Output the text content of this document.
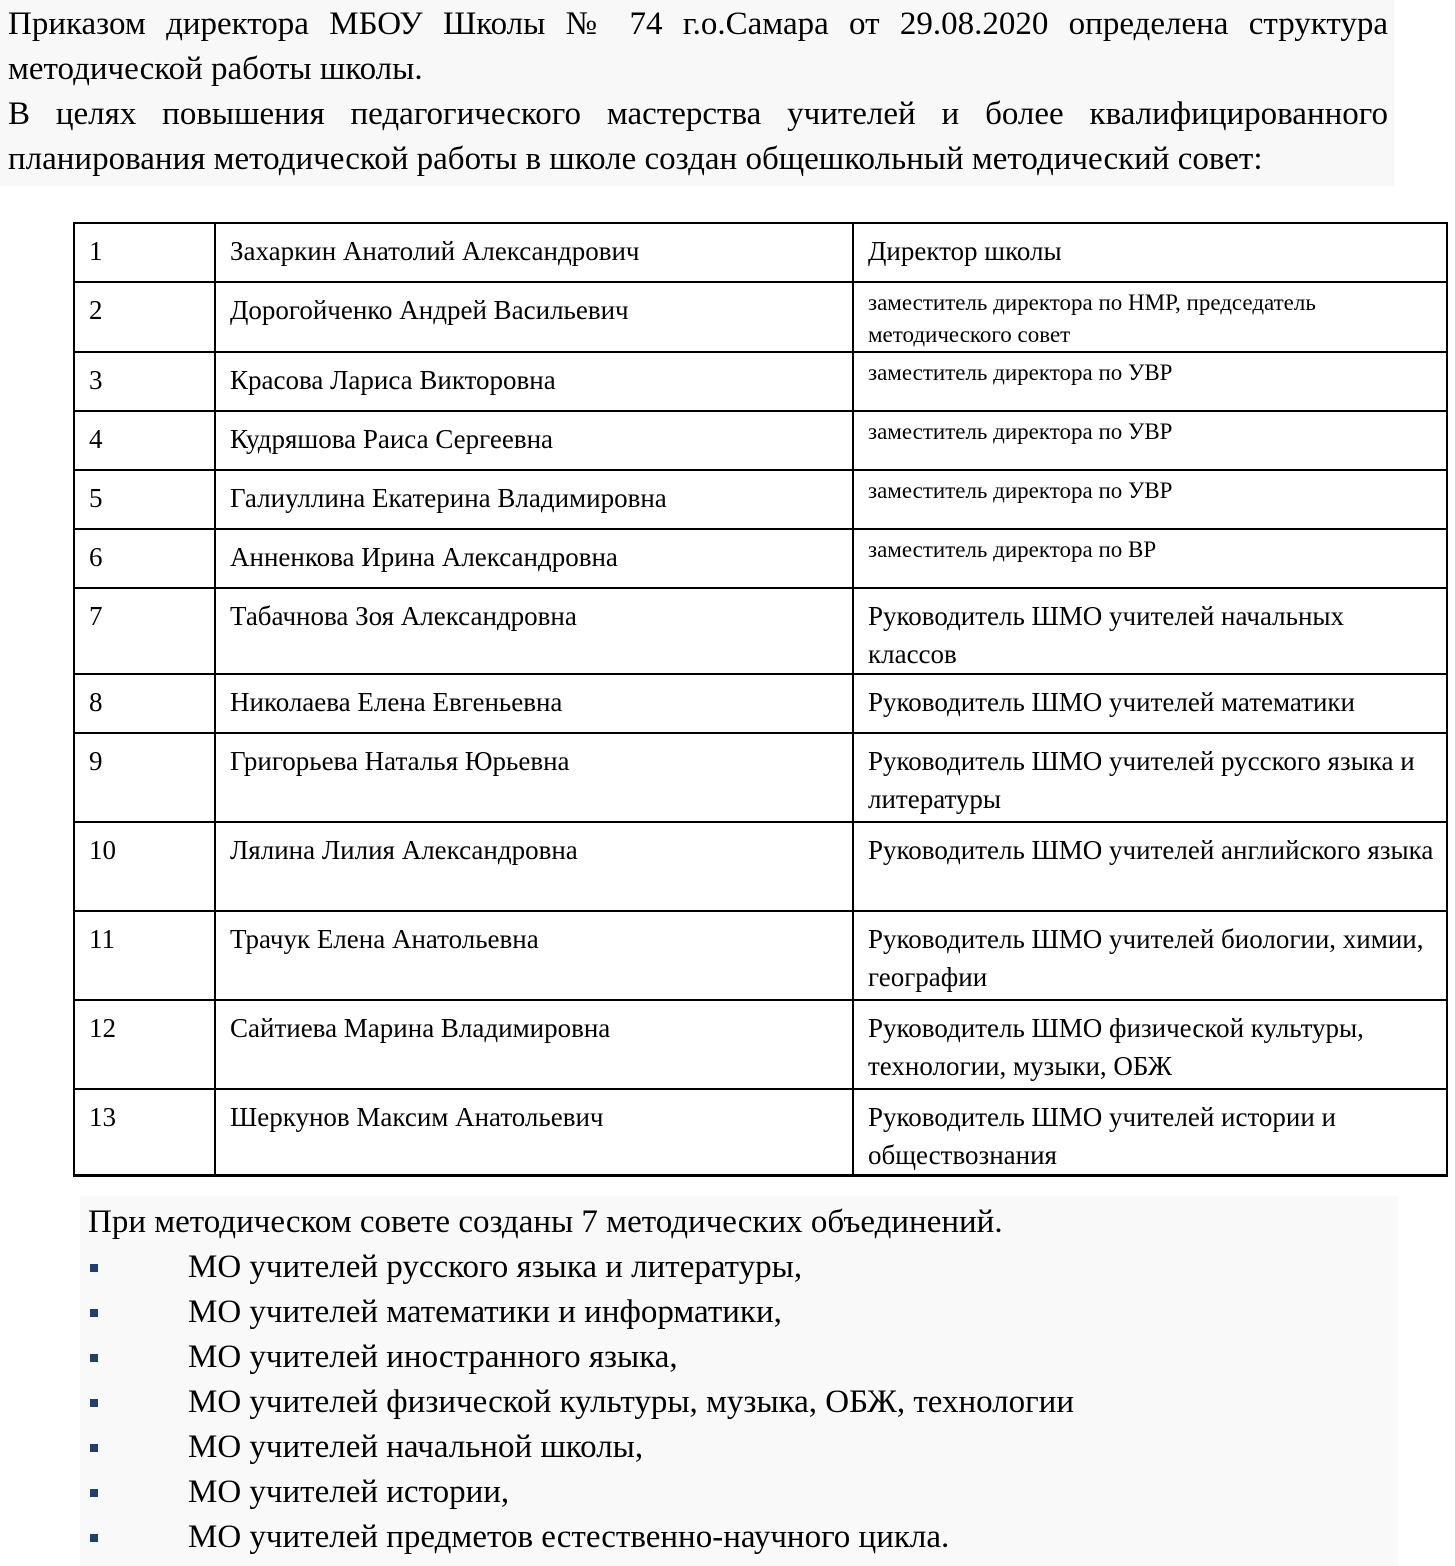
Приказом директора МБОУ Школы № 74 г.о.Самара от 29.08.2020 определена структура методической работы школы.

В целях повышения педагогического мастерства учителей и более квалифицированного планирования методической работы в школе создан общешкольный методический совет:

1	Захаркин Анатолий Александрович	Директор школы
2	Дорогойченко Андрей Васильевич	заместитель директора по НМР, председатель методического совет
3	Красова Лариса Викторовна	заместитель директора по УВР
4	Кудряшова Раиса Сергеевна	заместитель директора по УВР
5	Галиуллина Екатерина Владимировна	заместитель директора по УВР
6	Анненкова Ирина Александровна	заместитель директора по ВР
7	Табачнова Зоя Александровна	Руководитель ШМО учителей начальных классов
8	Николаева Елена Евгеньевна	Руководитель ШМО учителей математики
9	Григорьева Наталья Юрьевна	Руководитель ШМО учителей русского языка и литературы
10	Лялина Лилия Александровна	Руководитель ШМО учителей английского языка
11	Трачук Елена Анатольевна	Руководитель ШМО учителей биологии, химии, географии
12	Сайтиева Марина Владимировна	Руководитель ШМО физической культуры, технологии, музыки, ОБЖ
13	Шеркунов Максим Анатольевич	Руководитель ШМО учителей истории и обществознания

При методическом совете созданы 7 методических объединений.

МО учителей русского языка и литературы,
МО учителей математики и информатики,
МО учителей иностранного языка,
МО учителей физической культуры, музыка, ОБЖ, технологии
МО учителей начальной школы,
МО учителей истории,
МО учителей предметов естественно-научного цикла.
